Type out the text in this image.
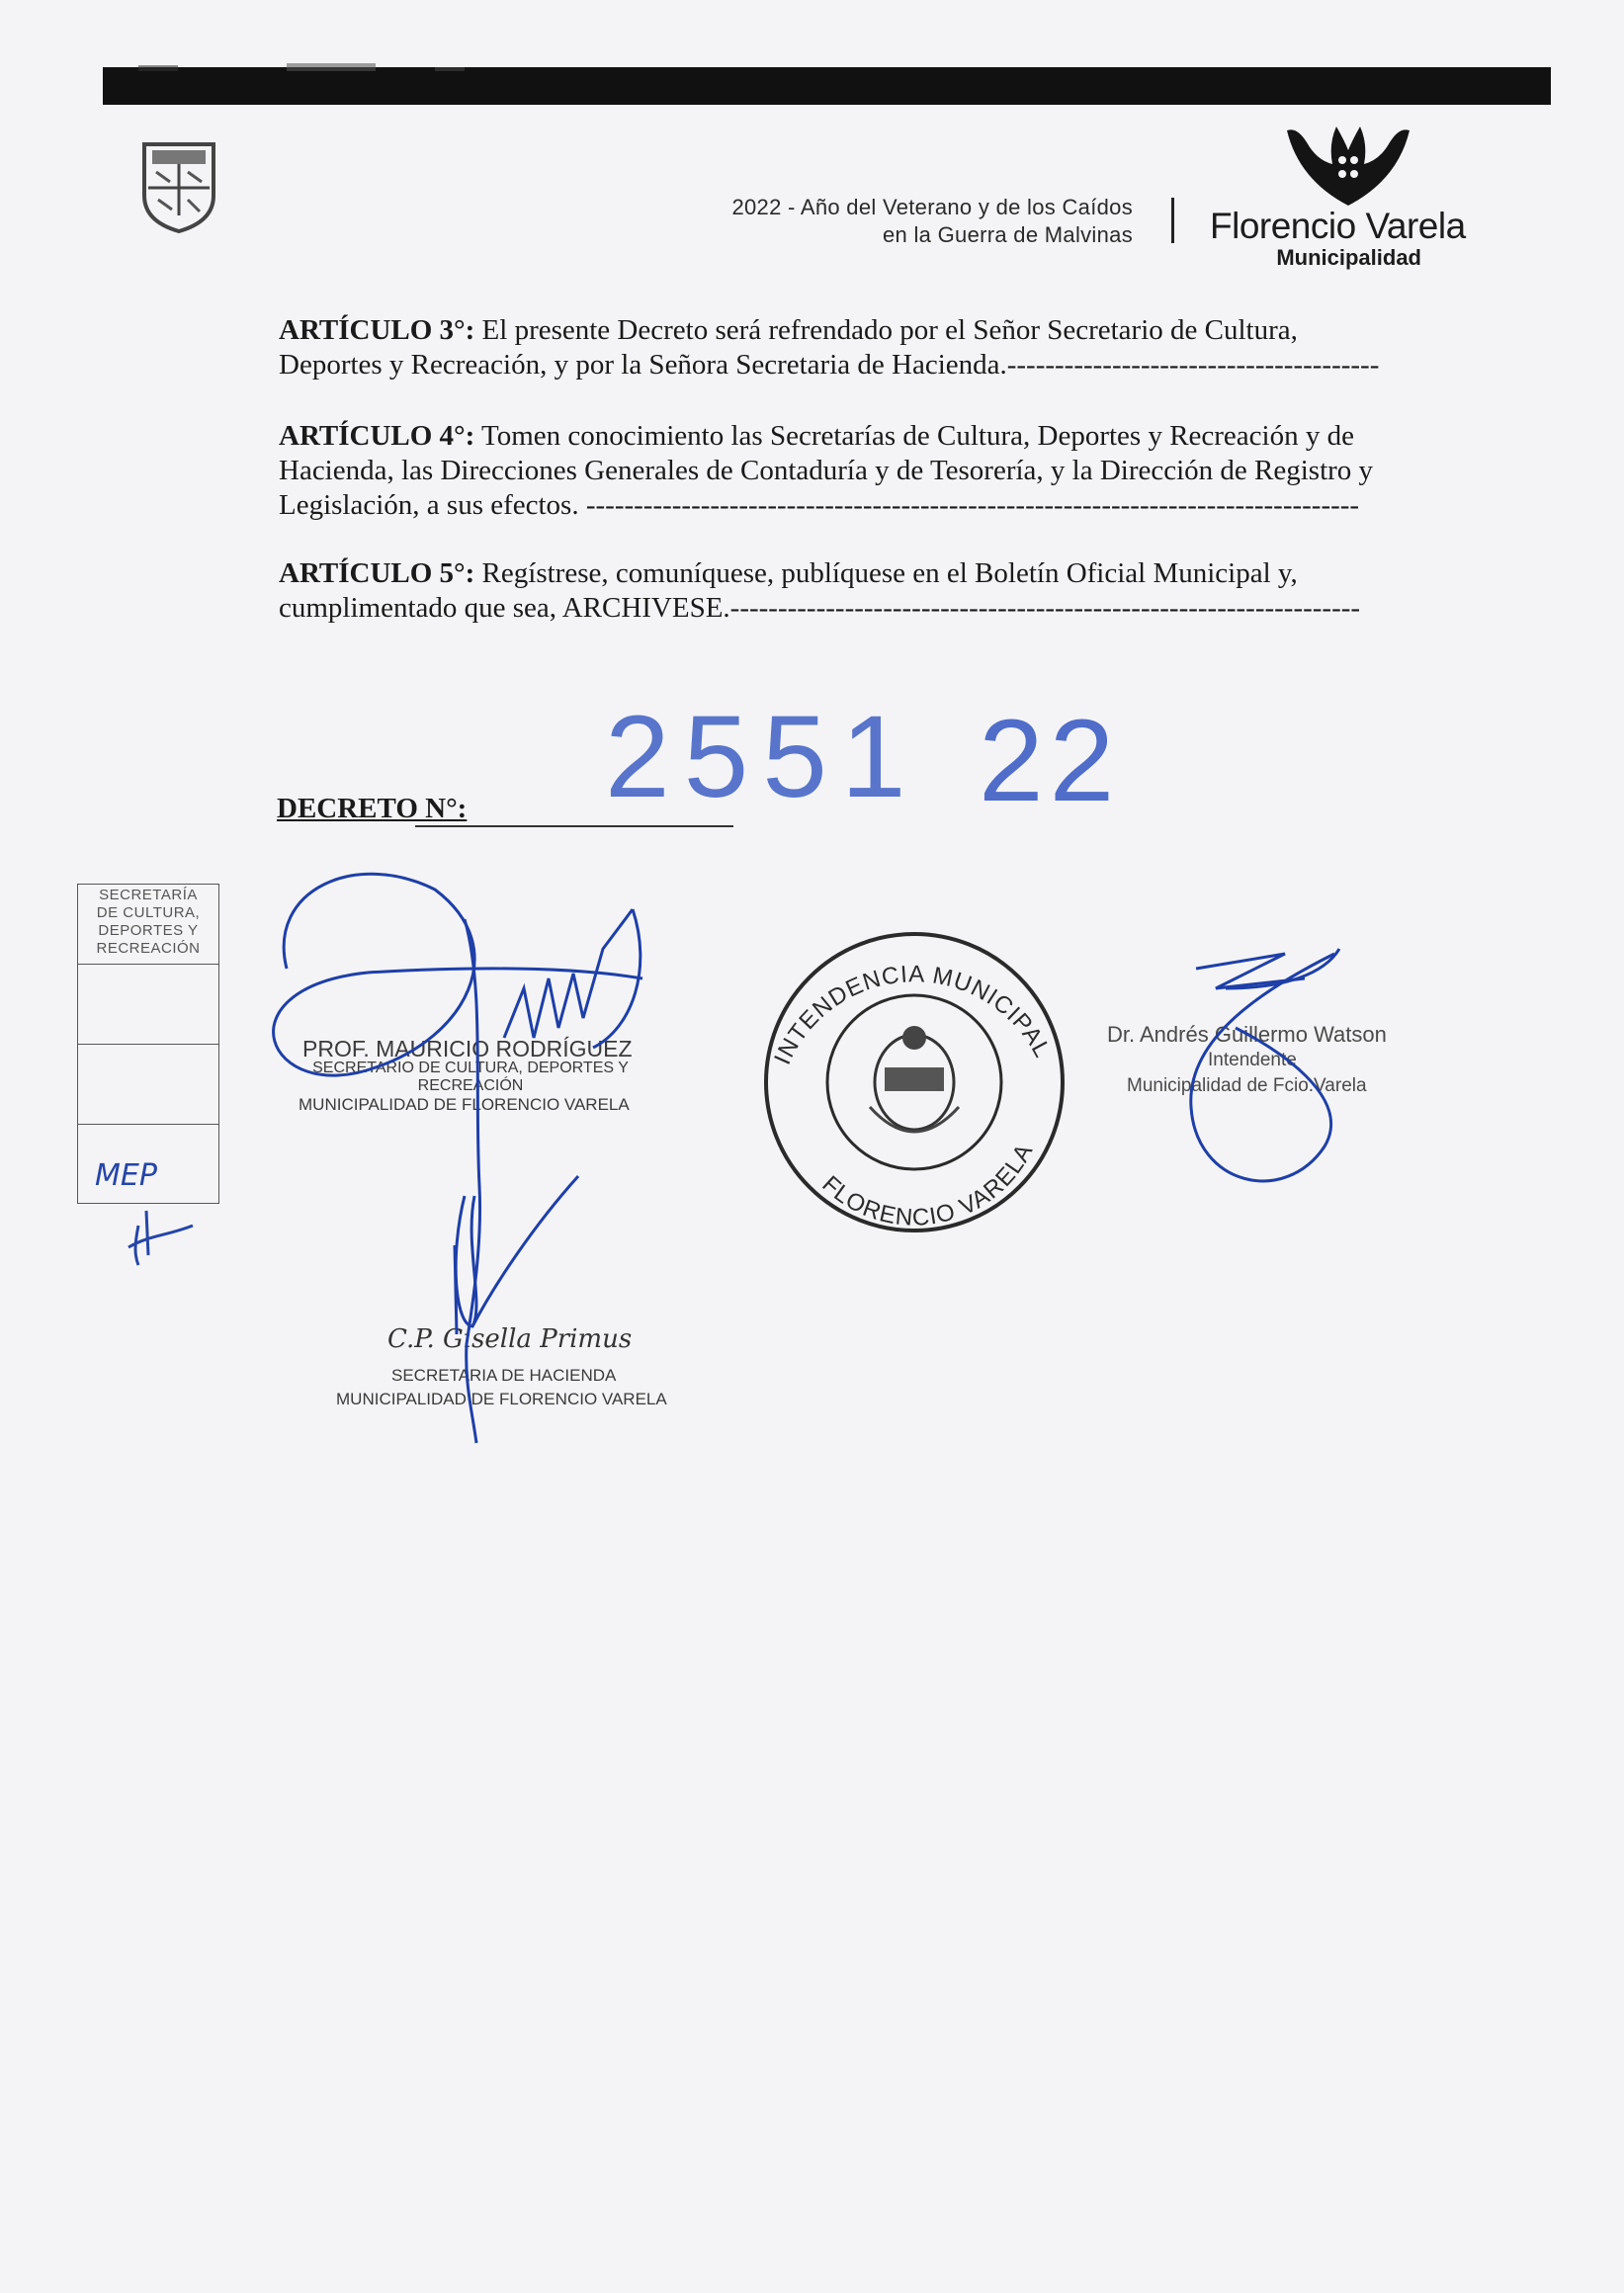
2022 - Año del Veterano y de los Caídos
en la Guerra de Malvinas Florencio Varela
Municipalidad
ARTÍCULO 3°: El presente Decreto será refrendado por el Señor Secretario de Cultura,
Deportes y Recreación, y por la Señora Secretaria de Hacienda.---------------------------------------
ARTÍCULO 4°: Tomen conocimiento las Secretarías de Cultura, Deportes y Recreación y de
Hacienda, las Direcciones Generales de Contaduría y de Tesorería, y la Dirección de Registro y
Legislación, a sus efectos. ---------------------------------------------------------------------------------
ARTÍCULO 5°: Regístrese, comuníquese, publíquese en el Boletín Oficial Municipal y,
cumplimentado que sea, ARCHIVESE.------------------------------------------------------------------
DECRETO N°: 2551 22
SECRETARÍA
DE CULTURA,
DEPORTES Y
RECREACIÓN
MEP
PROF. MAURICIO RODRÍGUEZ
SECRETARIO DE CULTURA, DEPORTES Y RECREACIÓN
MUNICIPALIDAD DE FLORENCIO VARELA
Dr. Andrés Guillermo Watson
Intendente
Municipalidad de Fcio.Varela
C.P. Gisella Primus
SECRETARIA DE HACIENDA
MUNICIPALIDAD DE FLORENCIO VARELA
INTENDENCIA MUNICIPAL
FLORENCIO VARELA
